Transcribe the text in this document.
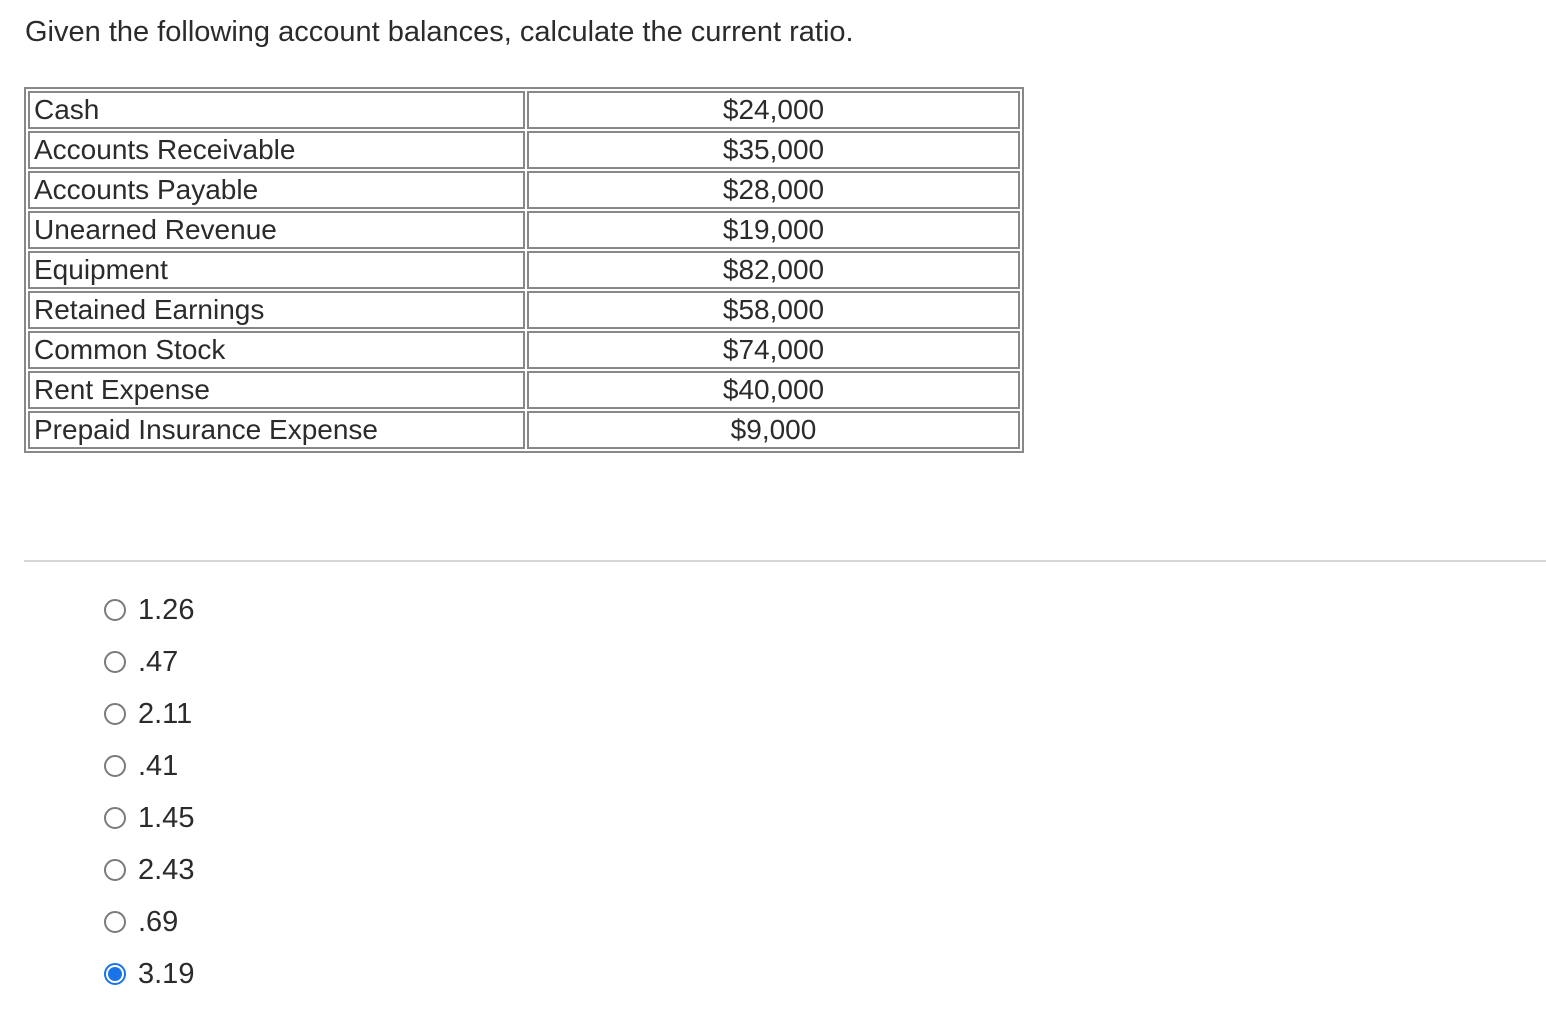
Given the following account balances, calculate the current ratio.
Cash	$24,000
Accounts Receivable	$35,000
Accounts Payable	$28,000
Unearned Revenue	$19,000
Equipment	$82,000
Retained Earnings	$58,000
Common Stock	$74,000
Rent Expense	$40,000
Prepaid Insurance Expense	$9,000
1.26
.47
2.11
.41
1.45
2.43
.69
3.19
